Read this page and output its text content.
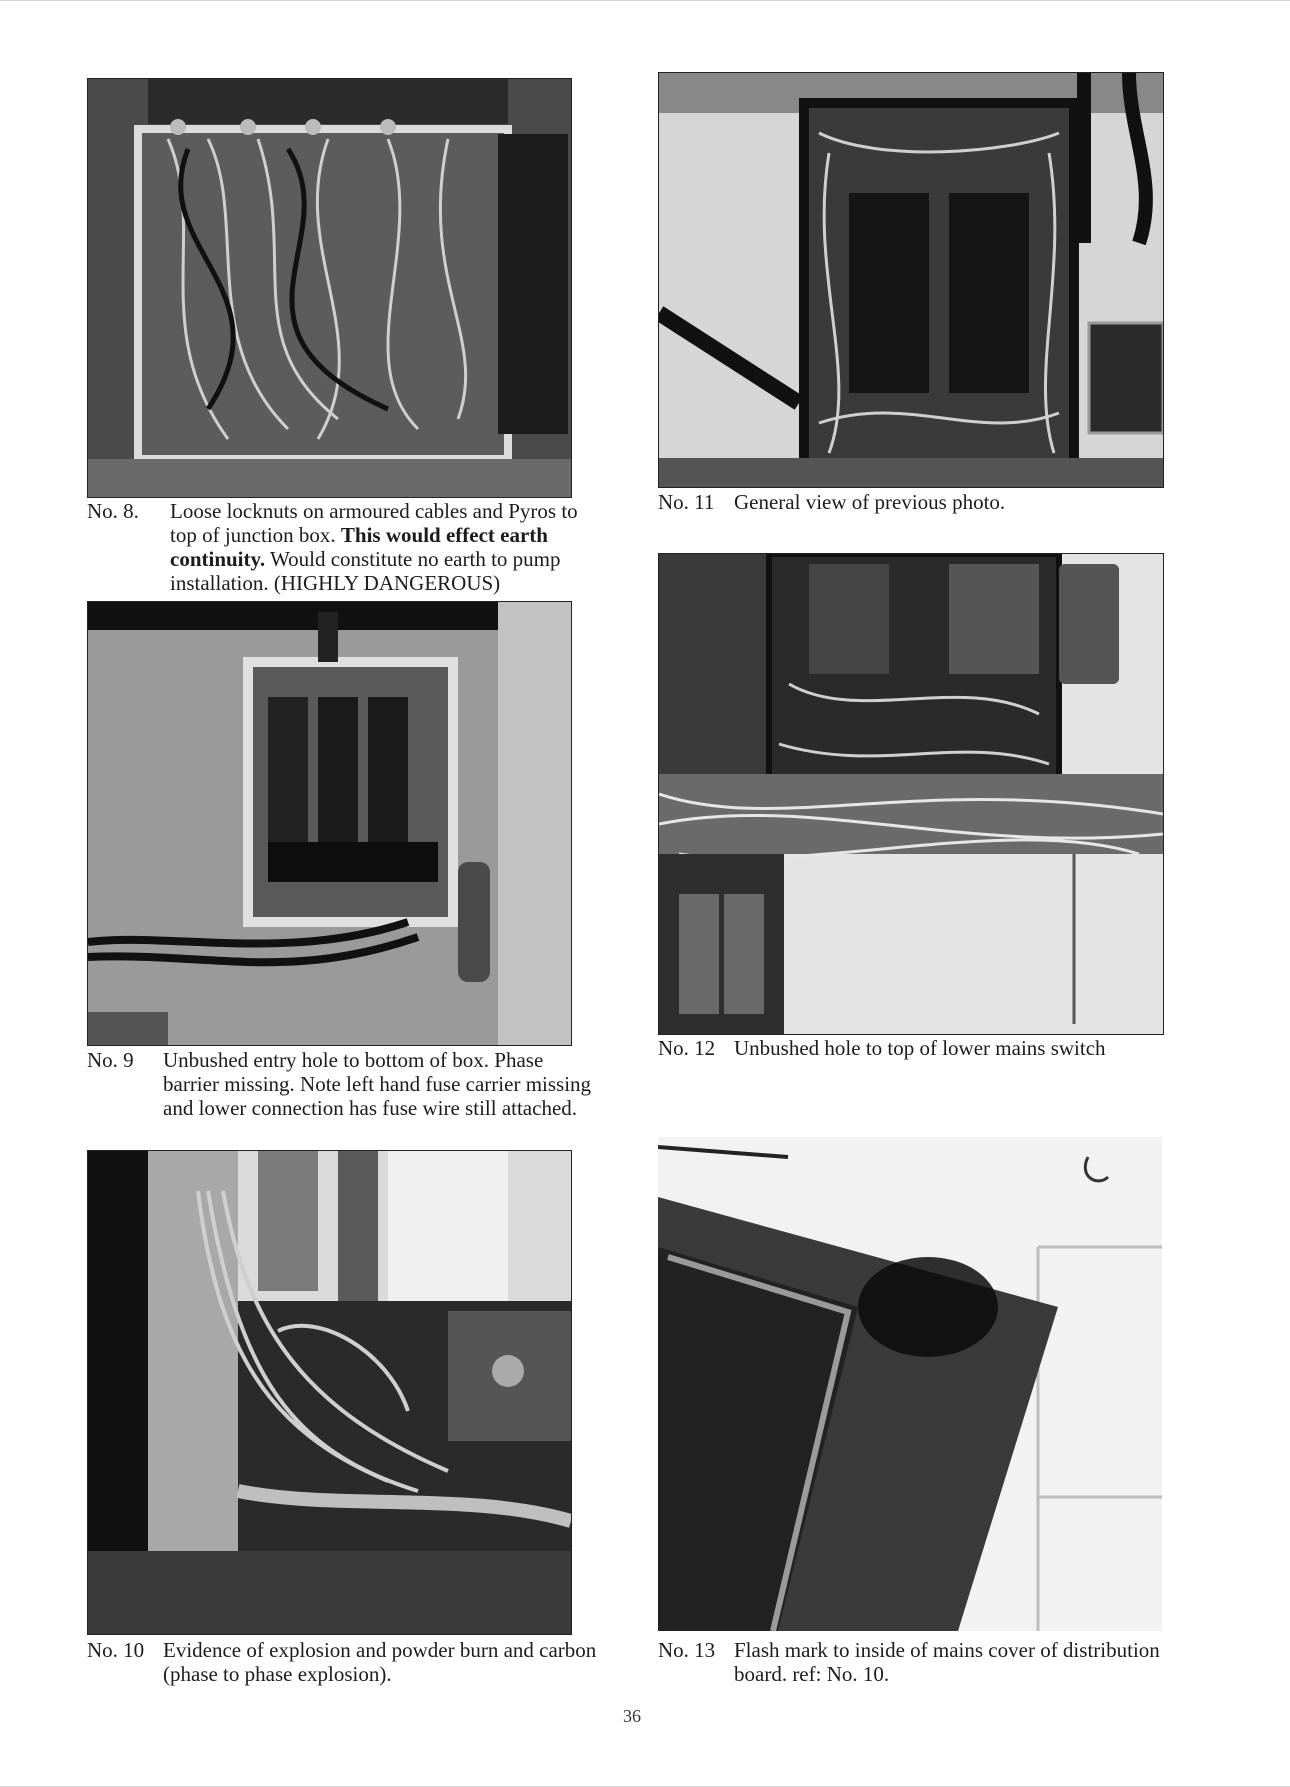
No. 8. Loose locknuts on armoured cables and Pyros to top of junction box. This would effect earth continuity. Would constitute no earth to pump installation. (HIGHLY DANGEROUS)
No. 11 General view of previous photo.
No. 9 Unbushed entry hole to bottom of box. Phase barrier missing. Note left hand fuse carrier missing and lower connection has fuse wire still attached.
No. 12 Unbushed hole to top of lower mains switch
No. 10 Evidence of explosion and powder burn and carbon (phase to phase explosion).
No. 13 Flash mark to inside of mains cover of distribution board. ref: No. 10.
36
